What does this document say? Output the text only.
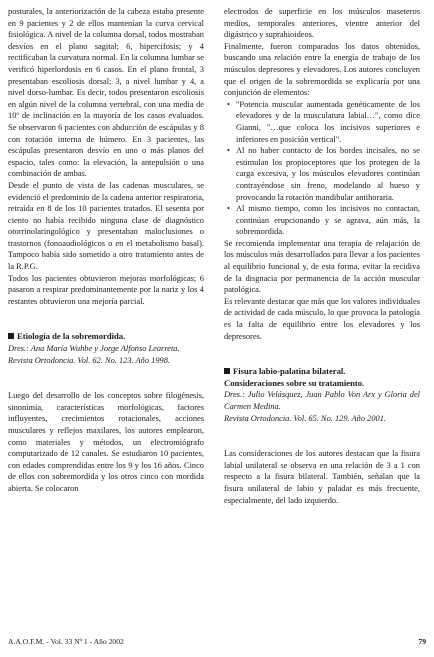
posturales, la anteriorización de la cabeza estaba presente en 9 pacientes y 2 de ellos mantenían la curva cervical fisiológica. A nivel de la columna dorsal, todos mostraban desvíos en el plano sagital; 6, hipercifosis; y 4 rectificaban la curvatura normal. En la columna lumbar se verificó hiperlordosis en 6 casos. En el plano frontal, 3 presentaban escoliosis dorsal; 3, a nivel lumbar y 4, a nivel dorso-lumbar. Es decir, todos presentaron escoliosis en algún nivel de la columna vertebral, con una media de 10º de inclinación en la mayoría de los casos evaluados. Se observaron 6 pacientes con abducción de escápulas y 8 con rotación interna de húmero. En 3 pacientes, las escápulas presentaron desvío en uno o más planos del espacio, tales como: la elevación, la antepulsión o una combinación de ambas.

Desde el punto de vista de las cadenas musculares, se evidenció el predominio de la cadena anterior respiratoria, retraída en 8 de los 10 pacientes tratados. El sesenta por ciento no había recibido ninguna clase de diagnóstico otorrinolaringológico y presentaban maloclusiones o trastornos (fonoaudiológicos o en el metabolismo basal). Tampoco había sido sometido a otro tratamiento antes de la R.P.G.

Todos los pacientes obtuvieron mejoras morfológicas; 6 pasaron a respirar predominantemente por la nariz y los 4 restantes obtuvieron una mejoría parcial.

Etiología de la sobremordida.

Dres.: Ana María Wuhbe y Jorge Alfonso Learreta.

Revista Ortodoncia. Vol. 62. No. 123. Año 1998.

Luego del desarrollo de los conceptos sobre filogénesis, sinonimia, características morfológicas, factores influyentes, crecimientos rotacionales, acciones musculares y reflejos maxilares, los autores emplearon, como materiales y métodos, un electromiógrafo computarizado de 12 canales. Se estudiaron 10 pacientes, con edades comprendidas entre los 9 y los 16 años. Cinco de ellos con sobremordida y los otros cinco con mordida abierta. Se colocaron

electrodos de superficie en los músculos maseteros medios, temporales anteriores, vientre anterior del digástrico y suprahioideos.

Finalmente, fueron comparados los datos obtenidos, buscando una relación entre la energía de trabajo de los músculos depresores y elevadores. Los autores concluyen que el origen de la sobremordida se explicaría por una conjunción de elementos:

• "Potencia muscular aumentada genéticamente de los elevadores y de la musculatura labial…", como dice Gianni, "…que coloca los incisivos superiores e inferiores en posición vertical".
• Al no haber contacto de los bordes incisales, no se estimulan los propioceptores que los protegen de la carga excesiva, y los músculos elevadores continúan contrayéndose sin freno, modelando al hueso y provocando la rotación mandibular antihoraria.
• Al mismo tiempo, como los incisivos no contactan, continúan erupcionando y se agrava, aún más, la sobremordida.

Se recomienda implementar una terapia de relajación de los músculos más desarrollados para llevar a los pacientes al equilibrio funcional y, de esta forma, evitar la recidiva de la disgnacia por permanencia de la acción muscular patológica.

Es relevante destacar que más que los valores individuales de actividad de cada músculo, lo que provoca la patología es la falta de equilibrio entre los elevadores y los depresores.

Fisura labio-palatina bilateral.

Consideraciones sobre su tratamiento.

Dres.: Julio Velásquez, Juan Pablo Von Arx y Gloria del Carmen Medina.

Revista Ortodoncia. Vol. 65. No. 129. Año 2001.

Las consideraciones de los autores destacan que la fisura labial unilateral se observa en una relación de 3 a 1 con respecto a la fisura bilateral. También, señalan que la fisura unilateral de labio y paladar es más frecuente, especialmente, del lado izquierdo.

A.A.O.F.M. - Vol. 33 Nº 1 - Año 2002	79
